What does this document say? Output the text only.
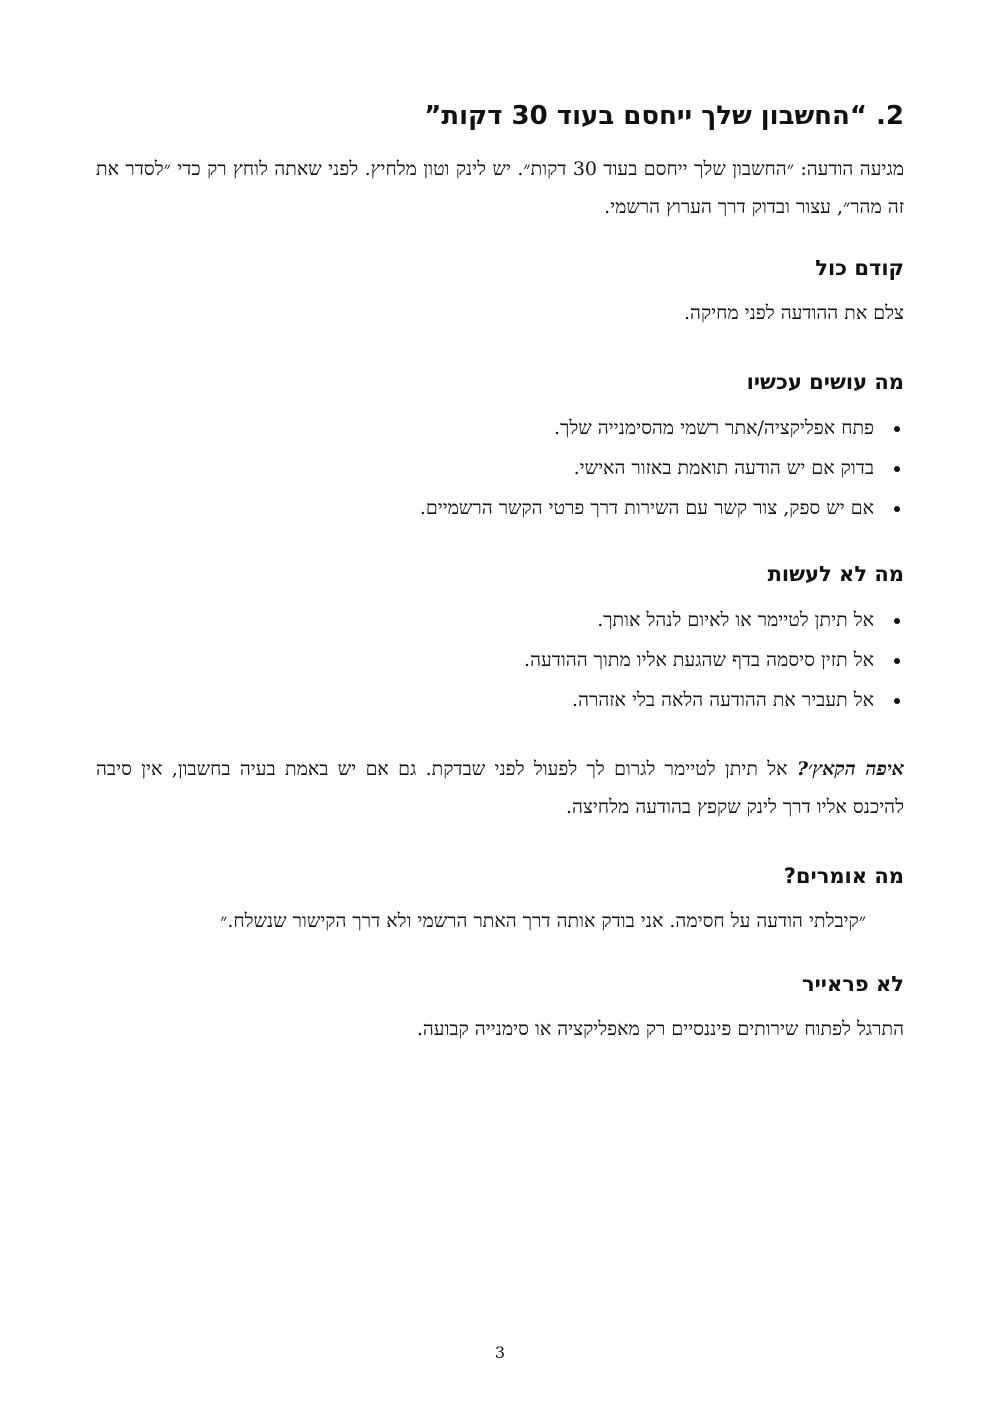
2. “החשבון שלך ייחסם בעוד 30 דקות”

מגיעה הודעה: ״החשבון שלך ייחסם בעוד 30 דקות״. יש לינק וטון מלחיץ. לפני שאתה לוחץ רק כדי ״לסדר את זה מהר״, עצור ובדוק דרך הערוץ הרשמי.

קודם כול

צלם את ההודעה לפני מחיקה.

מה עושים עכשיו
פתח אפליקציה/אתר רשמי מהסימנייה שלך.
בדוק אם יש הודעה תואמת באזור האישי.
אם יש ספק, צור קשר עם השירות דרך פרטי הקשר הרשמיים.
מה לא לעשות
אל תיתן לטיימר או לאיום לנהל אותך.
אל תזין סיסמה בדף שהגעת אליו מתוך ההודעה.
אל תעביר את ההודעה הלאה בלי אזהרה.

איפה הקאץ׳? אל תיתן לטיימר לגרום לך לפעול לפני שבדקת. גם אם יש באמת בעיה בחשבון, אין סיבה להיכנס אליו דרך לינק שקפץ בהודעה מלחיצה.

מה אומרים?

״קיבלתי הודעה על חסימה. אני בודק אותה דרך האתר הרשמי ולא דרך הקישור שנשלח.״

לא פראייר

התרגל לפתוח שירותים פיננסיים רק מאפליקציה או סימנייה קבועה.

3
